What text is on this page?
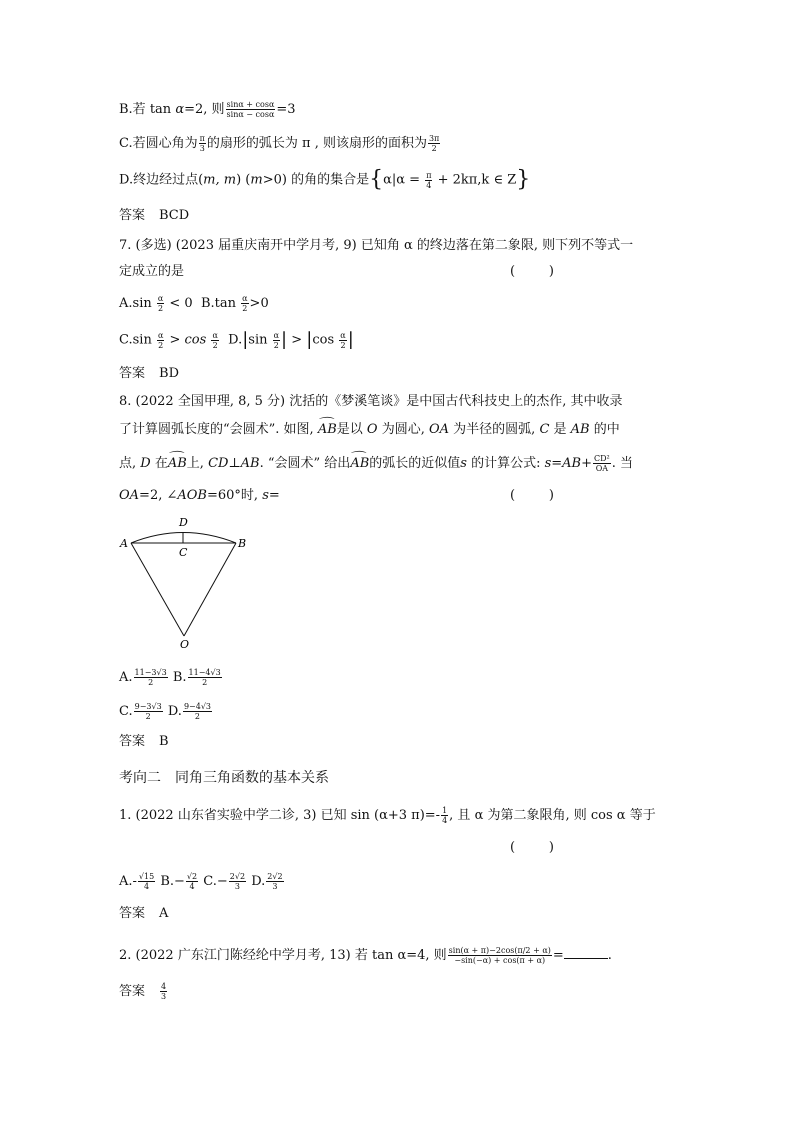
B.若 tan α=2, 则 $\frac{\sin\alpha + \cos\alpha}{\sin\alpha - \cos\alpha} =3$
C.若圆心角为 $\frac{\pi}{3}$ 的扇形的弧长为 π , 则该扇形的面积为 $\frac{3\pi}{2}$
D.终边经过点(m, m) (m>0) 的角的集合是{$\alpha|\alpha = \frac{\pi}{4} + 2k\pi,k$ ∈ Z}
答案 BCD
7. (多选) (2023 届重庆南开中学月考, 9) 已知角 α 的终边落在第二象限, 则下列不等式一
定成立的是	(	)
$A.\sin \frac{\alpha}{2} < 0$ $B.\tan \frac{\alpha}{2} >0$
$C.\sin \frac{\alpha}{2} > \cos \frac{\alpha}{2} D.|\sin \frac{\alpha}{2}$ | > $|\cos \frac{\alpha}{2}$ |
答案 BD
8. (2022 全国甲理, 8, 5 分) 沈括的《梦溪笔谈》是中国古代科技史上的杰作, 其中收录
了计算圆弧长度的“会圆术”. 如图, ⌒ AB是以 O 为圆心, OA 为半径的圆弧, C 是 AB 的中
点, D 在⌒ AB上, CD⊥AB. “会圆术” 给出⌒ AB的弧长的近似值s 的计算公式: $s=AB+ \frac{\text{CD²}}{OA}$ . 当
OA=2, ∠AOB=60°时, s=	(	)
A	B
C
D
O
A. $\frac{11-3√3}{2} B$. $\frac{11-4√3}{2}$
C. $\frac{9-3√3}{2} D$. $\frac{9-4√3}{2}$
答案 B
考向二 同角三角函数的基本关系
1. (2022 山东省实验中学二诊, 3) 已知 sin (α+3 $\pi)=- \frac{1}{4}$ , 且 α 为第二象限角, 则 cos α 等于
(	)
$A.- \frac{√15}{4} B.- \frac{√2}{4} C.- \frac{2√2}{3} D$. $\frac{2√2}{3}$
答案 A
2. (2022 广东江门陈经纶中学月考, 13) 若 tan α=4, 则 $\frac{\sin(\alpha + \pi)-2\cos(\pi/2 + \alpha)}{-\sin(-\alpha) + \cos(\pi + \alpha)}$ =	.
答案 $\frac{4}{3}$
